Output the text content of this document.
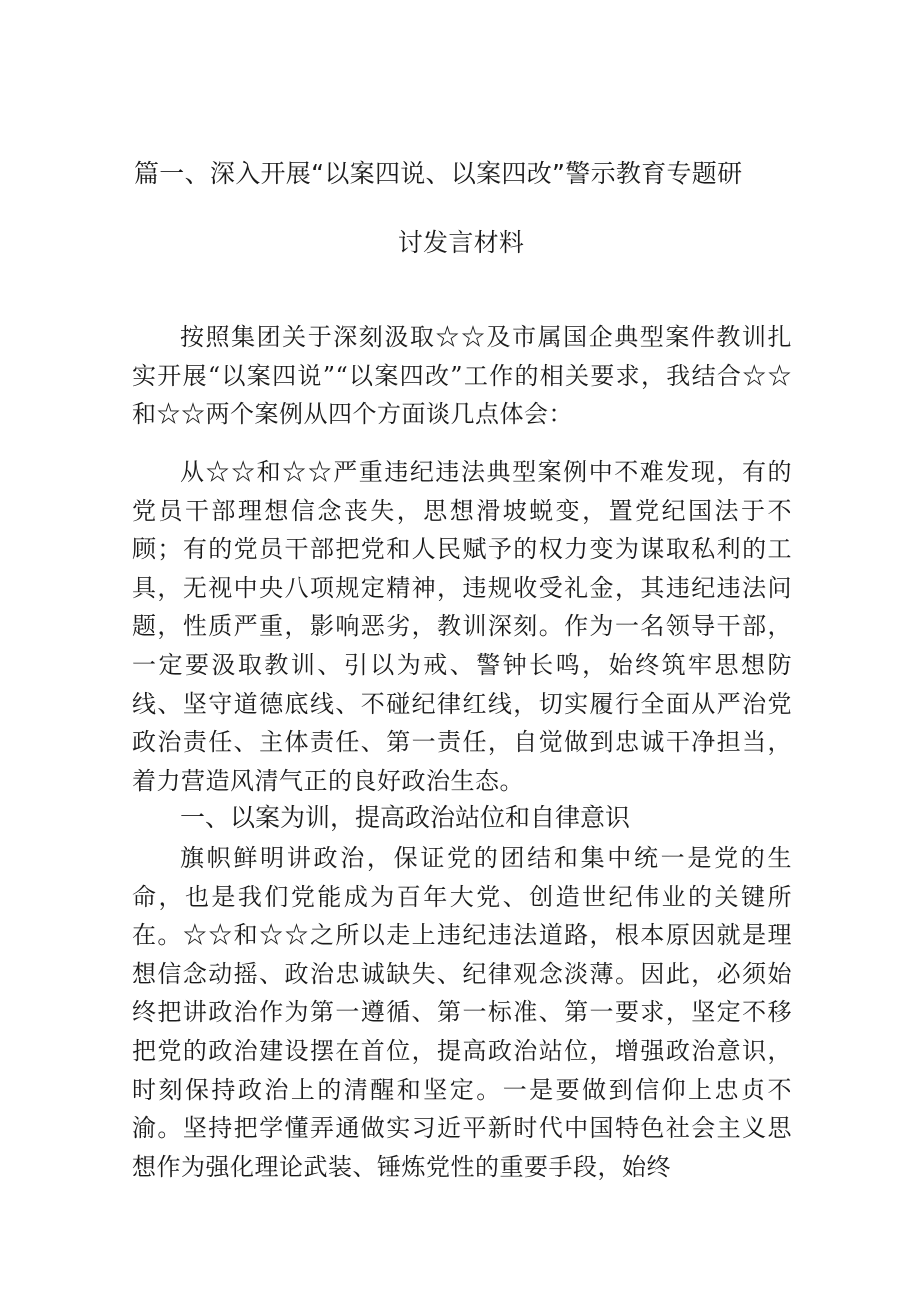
篇一、深入开展“以案四说、以案四改”警示教育专题研
讨发言材料

按照集团关于深刻汲取☆☆及市属国企典型案件教训扎实开展“以案四说”“以案四改”工作的相关要求，我结合☆☆和☆☆两个案例从四个方面谈几点体会：

从☆☆和☆☆严重违纪违法典型案例中不难发现，有的党员干部理想信念丧失，思想滑坡蜕变，置党纪国法于不顾；有的党员干部把党和人民赋予的权力变为谋取私利的工具，无视中央八项规定精神，违规收受礼金，其违纪违法问题，性质严重，影响恶劣，教训深刻。作为一名领导干部，一定要汲取教训、引以为戒、警钟长鸣，始终筑牢思想防线、坚守道德底线、不碰纪律红线，切实履行全面从严治党政治责任、主体责任、第一责任，自觉做到忠诚干净担当，着力营造风清气正的良好政治生态。

一、以案为训，提高政治站位和自律意识

旗帜鲜明讲政治，保证党的团结和集中统一是党的生命，也是我们党能成为百年大党、创造世纪伟业的关键所在。☆☆和☆☆之所以走上违纪违法道路，根本原因就是理想信念动摇、政治忠诚缺失、纪律观念淡薄。因此，必须始终把讲政治作为第一遵循、第一标准、第一要求，坚定不移把党的政治建设摆在首位，提高政治站位，增强政治意识，时刻保持政治上的清醒和坚定。一是要做到信仰上忠贞不渝。坚持把学懂弄通做实习近平新时代中国特色社会主义思想作为强化理论武装、锤炼党性的重要手段，始终
